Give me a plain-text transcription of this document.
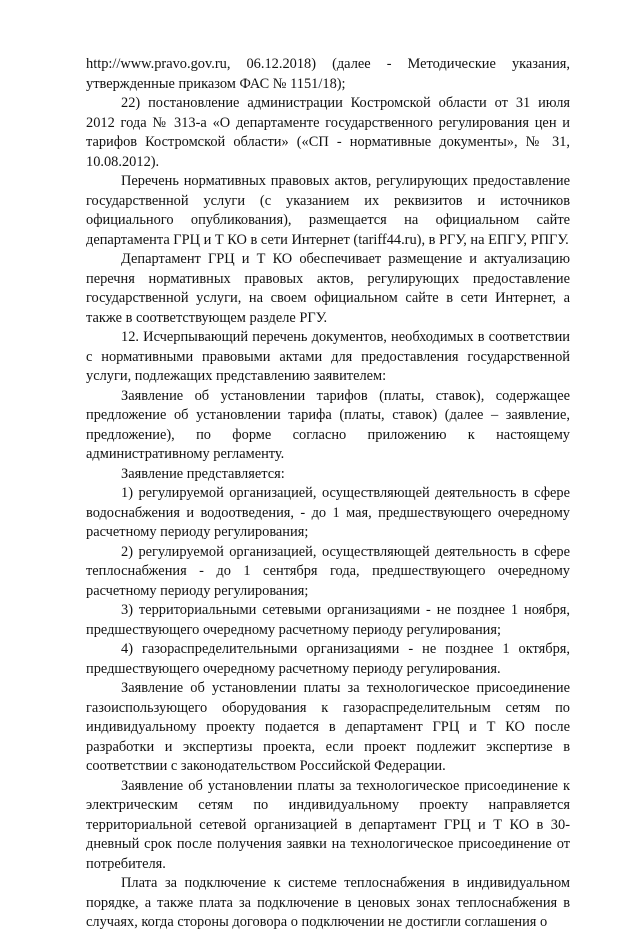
http://www.pravo.gov.ru, 06.12.2018) (далее - Методические указания, утвержденные приказом ФАС № 1151/18);

22) постановление администрации Костромской области от 31 июля 2012 года № 313-а «О департаменте государственного регулирования цен и тарифов Костромской области» («СП - нормативные документы», № 31, 10.08.2012).

Перечень нормативных правовых актов, регулирующих предоставление государственной услуги (с указанием их реквизитов и источников официального опубликования), размещается на официальном сайте департамента ГРЦ и Т КО в сети Интернет (tariff44.ru), в РГУ, на ЕПГУ, РПГУ.

Департамент ГРЦ и Т КО обеспечивает размещение и актуализацию перечня нормативных правовых актов, регулирующих предоставление государственной услуги, на своем официальном сайте в сети Интернет, а также в соответствующем разделе РГУ.

12. Исчерпывающий перечень документов, необходимых в соответствии с нормативными правовыми актами для предоставления государственной услуги, подлежащих представлению заявителем:

Заявление об установлении тарифов (платы, ставок), содержащее предложение об установлении тарифа (платы, ставок) (далее – заявление, предложение), по форме согласно приложению к настоящему административному регламенту.

Заявление представляется:

1) регулируемой организацией, осуществляющей деятельность в сфере водоснабжения и водоотведения, - до 1 мая, предшествующего очередному расчетному периоду регулирования;

2) регулируемой организацией, осуществляющей деятельность в сфере теплоснабжения - до 1 сентября года, предшествующего очередному расчетному периоду регулирования;

3) территориальными сетевыми организациями - не позднее 1 ноября, предшествующего очередному расчетному периоду регулирования;

4) газораспределительными организациями - не позднее 1 октября, предшествующего очередному расчетному периоду регулирования.

Заявление об установлении платы за технологическое присоединение газоиспользующего оборудования к газораспределительным сетям по индивидуальному проекту подается в департамент ГРЦ и Т КО после разработки и экспертизы проекта, если проект подлежит экспертизе в соответствии с законодательством Российской Федерации.

Заявление об установлении платы за технологическое присоединение к электрическим сетям по индивидуальному проекту направляется территориальной сетевой организацией в департамент ГРЦ и Т КО в 30-дневный срок после получения заявки на технологическое присоединение от потребителя.

Плата за подключение к системе теплоснабжения в индивидуальном порядке, а также плата за подключение в ценовых зонах теплоснабжения в случаях, когда стороны договора о подключении не достигли соглашения о
